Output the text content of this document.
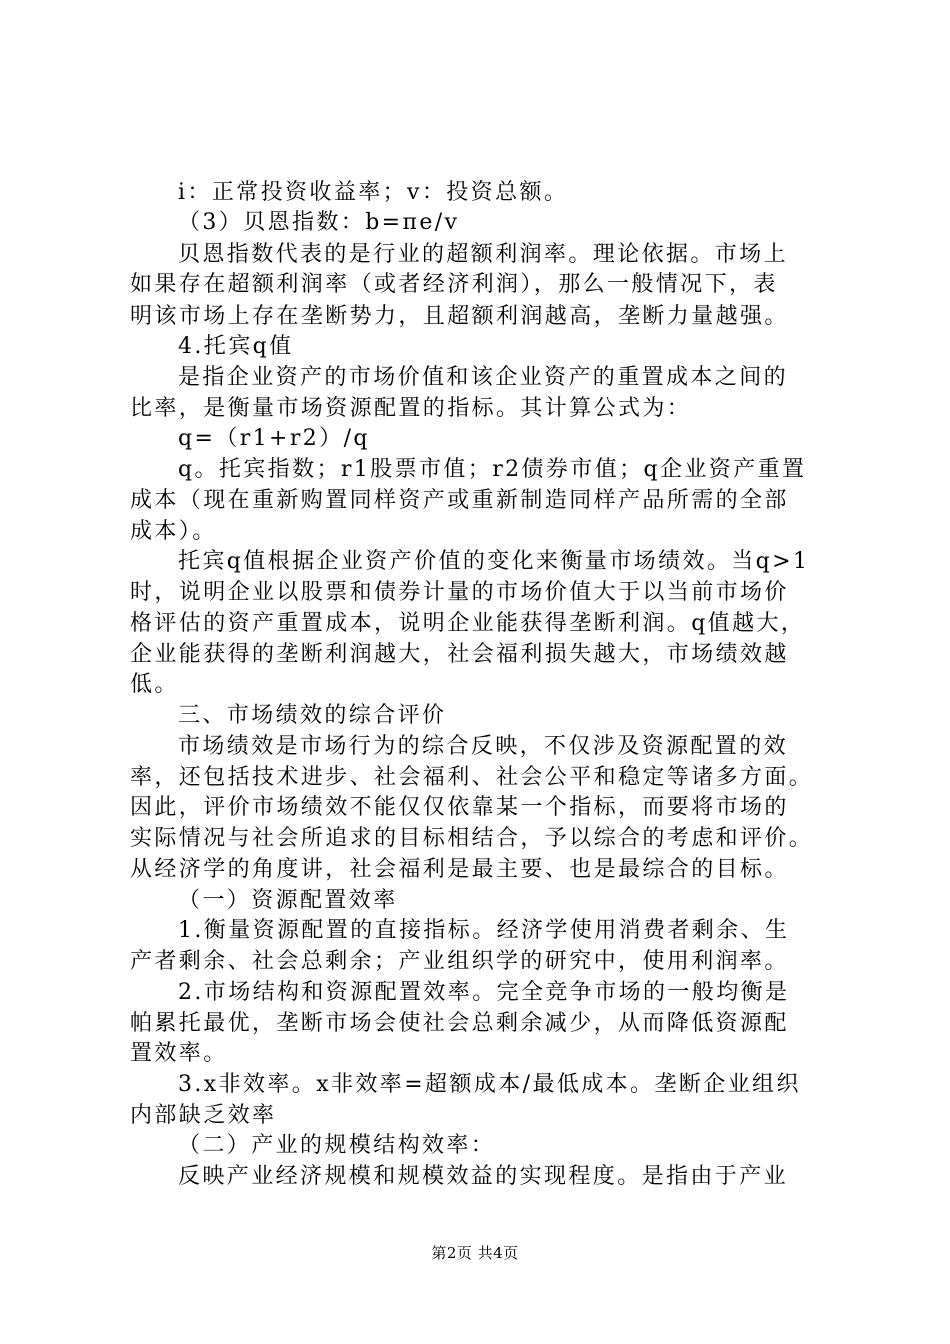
i：正常投资收益率；v：投资总额。
（3）贝恩指数：b=πe/v
贝恩指数代表的是行业的超额利润率。理论依据。市场上
如果存在超额利润率（或者经济利润），那么一般情况下，表
明该市场上存在垄断势力，且超额利润越高，垄断力量越强。
4.托宾q值
是指企业资产的市场价值和该企业资产的重置成本之间的
比率，是衡量市场资源配置的指标。其计算公式为：
q=（r1+r2）/q
q。托宾指数；r1股票市值；r2债券市值；q企业资产重置
成本（现在重新购置同样资产或重新制造同样产品所需的全部
成本）。
托宾q值根据企业资产价值的变化来衡量市场绩效。当q>1
时，说明企业以股票和债券计量的市场价值大于以当前市场价
格评估的资产重置成本，说明企业能获得垄断利润。q值越大，
企业能获得的垄断利润越大，社会福利损失越大，市场绩效越
低。
三、市场绩效的综合评价
市场绩效是市场行为的综合反映，不仅涉及资源配置的效
率，还包括技术进步、社会福利、社会公平和稳定等诸多方面。
因此，评价市场绩效不能仅仅依靠某一个指标，而要将市场的
实际情况与社会所追求的目标相结合，予以综合的考虑和评价。
从经济学的角度讲，社会福利是最主要、也是最综合的目标。
（一）资源配置效率
1.衡量资源配置的直接指标。经济学使用消费者剩余、生
产者剩余、社会总剩余；产业组织学的研究中，使用利润率。
2.市场结构和资源配置效率。完全竞争市场的一般均衡是
帕累托最优，垄断市场会使社会总剩余减少，从而降低资源配
置效率。
3.x非效率。x非效率=超额成本/最低成本。垄断企业组织
内部缺乏效率
（二）产业的规模结构效率：
反映产业经济规模和规模效益的实现程度。是指由于产业
第2页 共4页
